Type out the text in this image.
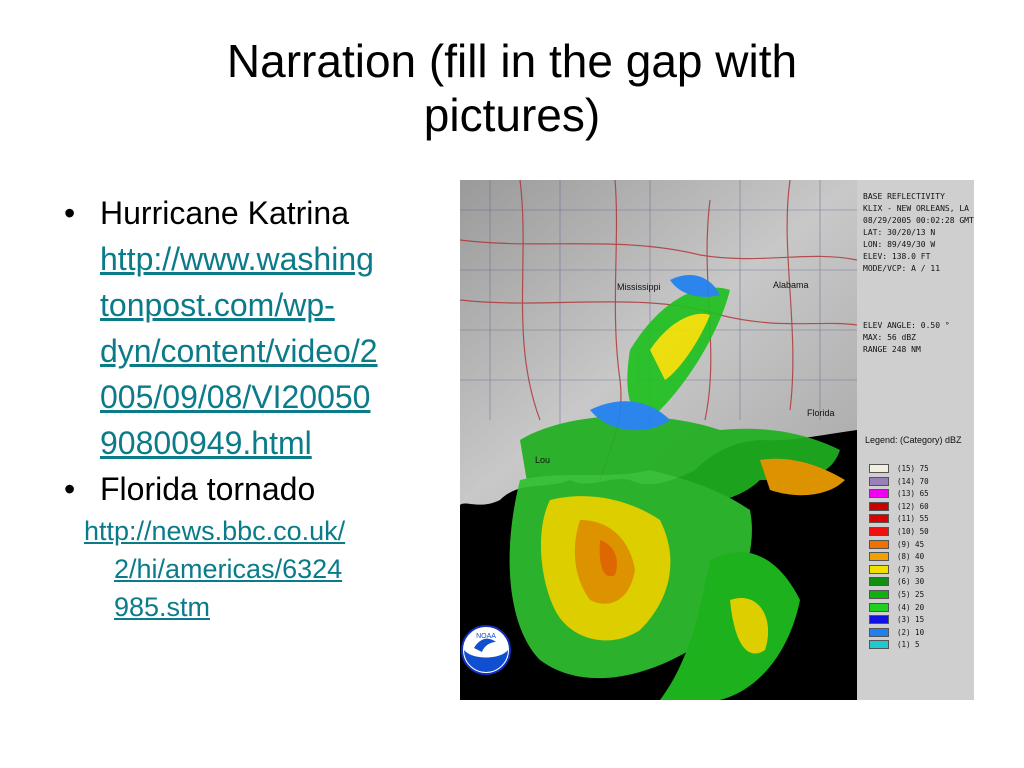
Narration (fill in the gap with
pictures)
• Hurricane Katrina
http://www.washing
tonpost.com/wp-
dyn/content/video/2
005/09/08/VI20050
90800949.html
• Florida tornado
http://news.bbc.co.uk/
2/hi/americas/6324
985.stm
NOAA
Mississippi	Alabama
Florida
Lou
BASE REFLECTIVITY
KLIX - NEW ORLEANS, LA
08/29/2005 00:02:28 GMT
LAT: 30/20/13 N
LON: 89/49/30 W
ELEV: 138.0 FT
MODE/VCP: A / 11
ELEV ANGLE: 0.50 °
MAX: 56 dBZ
RANGE 248 NM
Legend: (Category) dBZ
(15) 75
(14) 70
(13) 65
(12) 60
(11) 55
(10) 50
(9) 45
(8) 40
(7) 35
(6) 30
(5) 25
(4) 20
(3) 15
(2) 10
(1) 5
